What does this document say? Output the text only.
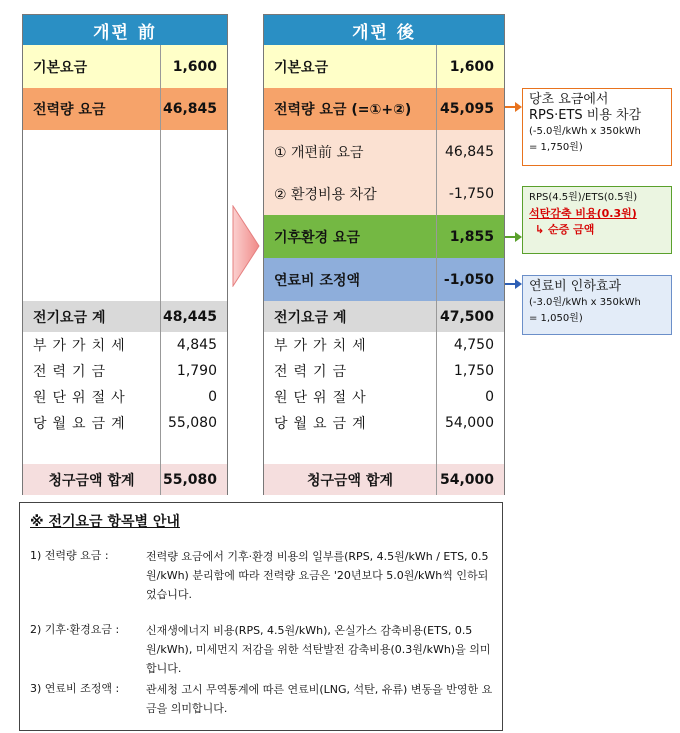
개편 前
기본요금	1,600
전력량 요금	46,845
전기요금 계	48,445
부가가치세	4,845
전력기금	1,790
원단위절사	0
당월요금계	55,080
청구금액 합계	55,080
개편 後
기본요금	1,600
전력량 요금 (=①+②)	45,095
① 개편前 요금	46,845
② 환경비용 차감	-1,750
기후환경 요금	1,855
연료비 조정액	-1,050
전기요금 계	47,500
부가가치세	4,750
전력기금	1,750
원단위절사	0
당월요금계	54,000
청구금액 합계	54,000
당초 요금에서
RPS·ETS 비용 차감
(-5.0원/kWh x 350kWh
= 1,750원)
RPS(4.5원)/ETS(0.5원)
석탄감축 비용(0.3원)
↳ 순증 금액
연료비 인하효과
(-3.0원/kWh x 350kWh
= 1,050원)
※ 전기요금 항목별 안내
1) 전력량 요금 :	전력량 요금에서 기후·환경 비용의 일부를(RPS, 4.5원/kWh / ETS, 0.5원/kWh) 분리함에 따라 전력량 요금은 '20년보다 5.0원/kWh씩 인하되었습니다.
2) 기후·환경요금 :	신재생에너지 비용(RPS, 4.5원/kWh), 온실가스 감축비용(ETS, 0.5원/kWh), 미세먼지 저감을 위한 석탄발전 감축비용(0.3원/kWh)을 의미합니다.
3) 연료비 조정액 :	관세청 고시 무역통계에 따른 연료비(LNG, 석탄, 유류) 변동을 반영한 요금을 의미합니다.
